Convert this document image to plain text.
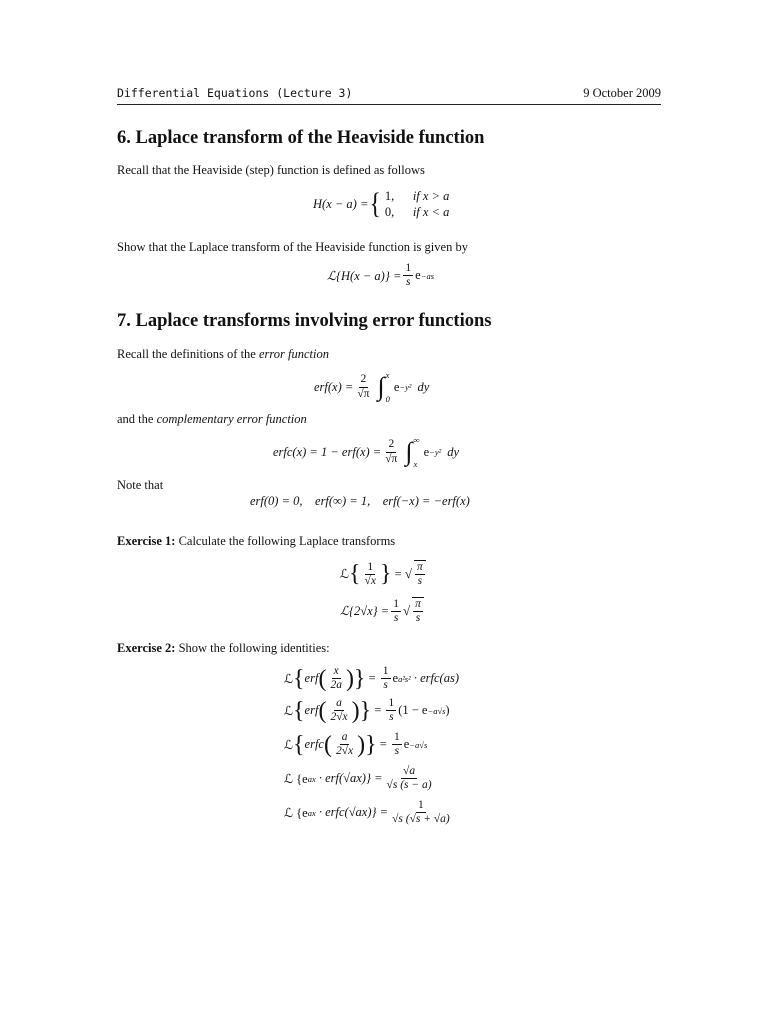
Differential Equations (Lecture 3)	9 October 2009
6. Laplace transform of the Heaviside function
Recall that the Heaviside (step) function is defined as follows
H(x − a) = { 1, if x > a
0, if x < a
Show that the Laplace transform of the Heaviside function is given by
ℒ{H(x − $a)\} = \frac{1}{s}$ e −as
7. Laplace transforms involving error functions
Recall the definitions of the error function
$erf(x) = \frac{2}{√\pi}$ ∫ x
0
e −y² dy
and the complementary error function
erfc(x) = $1 - erf(x) = \frac{2}{√\pi}$ ∫ ∞
x
e −y² dy
Note that
erf(0) = 0,    erf(∞) = 1,    erf(−x) = −erf(x)
Exercise 1: Calculate the following Laplace transforms
ℒ { $\frac{1}{√x}$ } = √ $\frac{\pi}{s}$
ℒ{2√x} = $\frac{1}{s}$ √ $\frac{\pi}{s}$
Exercise 2: Show the following identities:
ℒ { erf ( $\frac{x}{2a}$ )} = $\frac{1}{s}$ e a²s²
· erfc(as)
ℒ { erf ( $\frac{a}{2√x}$ )} = $\frac{1}{s} (1 - e -a√s$ )
ℒ { erfc ( $\frac{a}{2√x}$ )} = $\frac{1}{s}$ e −a√s
ℒ {e ax
· $erf(√ax)\} = \frac{√a}{√s (s - a)}$
ℒ {e ax
· erfc(√ax)} = $\frac{1}{√s (√s + √a)}$
